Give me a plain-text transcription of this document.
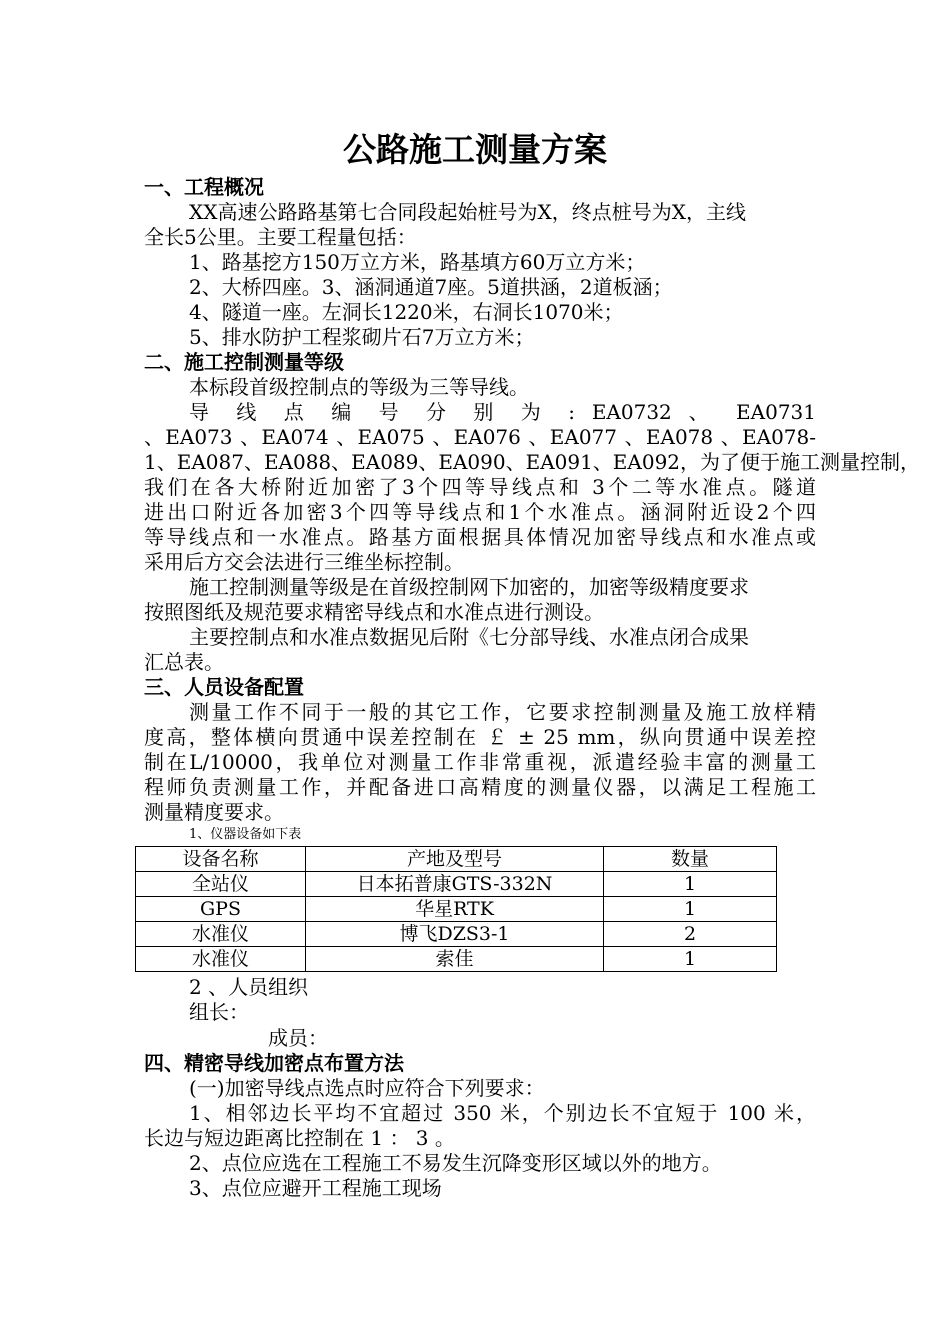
公路施工测量方案
一、工程概况
XX高速公路路基第七合同段起始桩号为X，终点桩号为X，主线
全长5公里。主要工程量包括：
1、路基挖方150万立方米，路基填方60万立方米；
2、大桥四座。3、涵洞通道7座。5道拱涵，2道板涵；
4、隧道一座。左洞长1220米，右洞长1070米；
5、排水防护工程浆砌片石7万立方米；
二、施工控制测量等级
本标段首级控制点的等级为三等导线。
导 线 点 编 号 分 别 为 : EA0732 、 EA0731
、EA073 、EA074 、EA075 、EA076 、EA077 、EA078 、EA078-
1、EA087、EA088、EA089、EA090、EA091、EA092，为了便于施工测量控制，
我们在各大桥附近加密了3个四等导线点和 3个二等水准点。隧道
进出口附近各加密3个四等导线点和1个水准点。涵洞附近设2个四
等导线点和一水准点。路基方面根据具体情况加密导线点和水准点或
采用后方交会法进行三维坐标控制。
施工控制测量等级是在首级控制网下加密的，加密等级精度要求
按照图纸及规范要求精密导线点和水准点进行测设。
主要控制点和水准点数据见后附《七分部导线、水准点闭合成果
汇总表。
三、人员设备配置
测量工作不同于一般的其它工作，它要求控制测量及施工放样精
度高，整体横向贯通中误差控制在 ￡ ± 25 mm，纵向贯通中误差控
制在L/10000，我单位对测量工作非常重视，派遣经验丰富的测量工
程师负责测量工作，并配备进口高精度的测量仪器，以满足工程施工
测量精度要求。
1、仪器设备如下表
设备名称	产地及型号	数量
全站仪	日本拓普康GTS-332N	1
GPS	华星RTK	1
水准仪	博飞DZS3-1	2
水准仪	索佳	1
2 、人员组织
组长：
成员：
四、精密导线加密点布置方法
(一)加密导线点选点时应符合下列要求：
1、相邻边长平均不宜超过 350 米，个别边长不宜短于 100 米，
长边与短边距离比控制在 1 ： 3 。
2、点位应选在工程施工不易发生沉降变形区域以外的地方。
3、点位应避开工程施工现场
